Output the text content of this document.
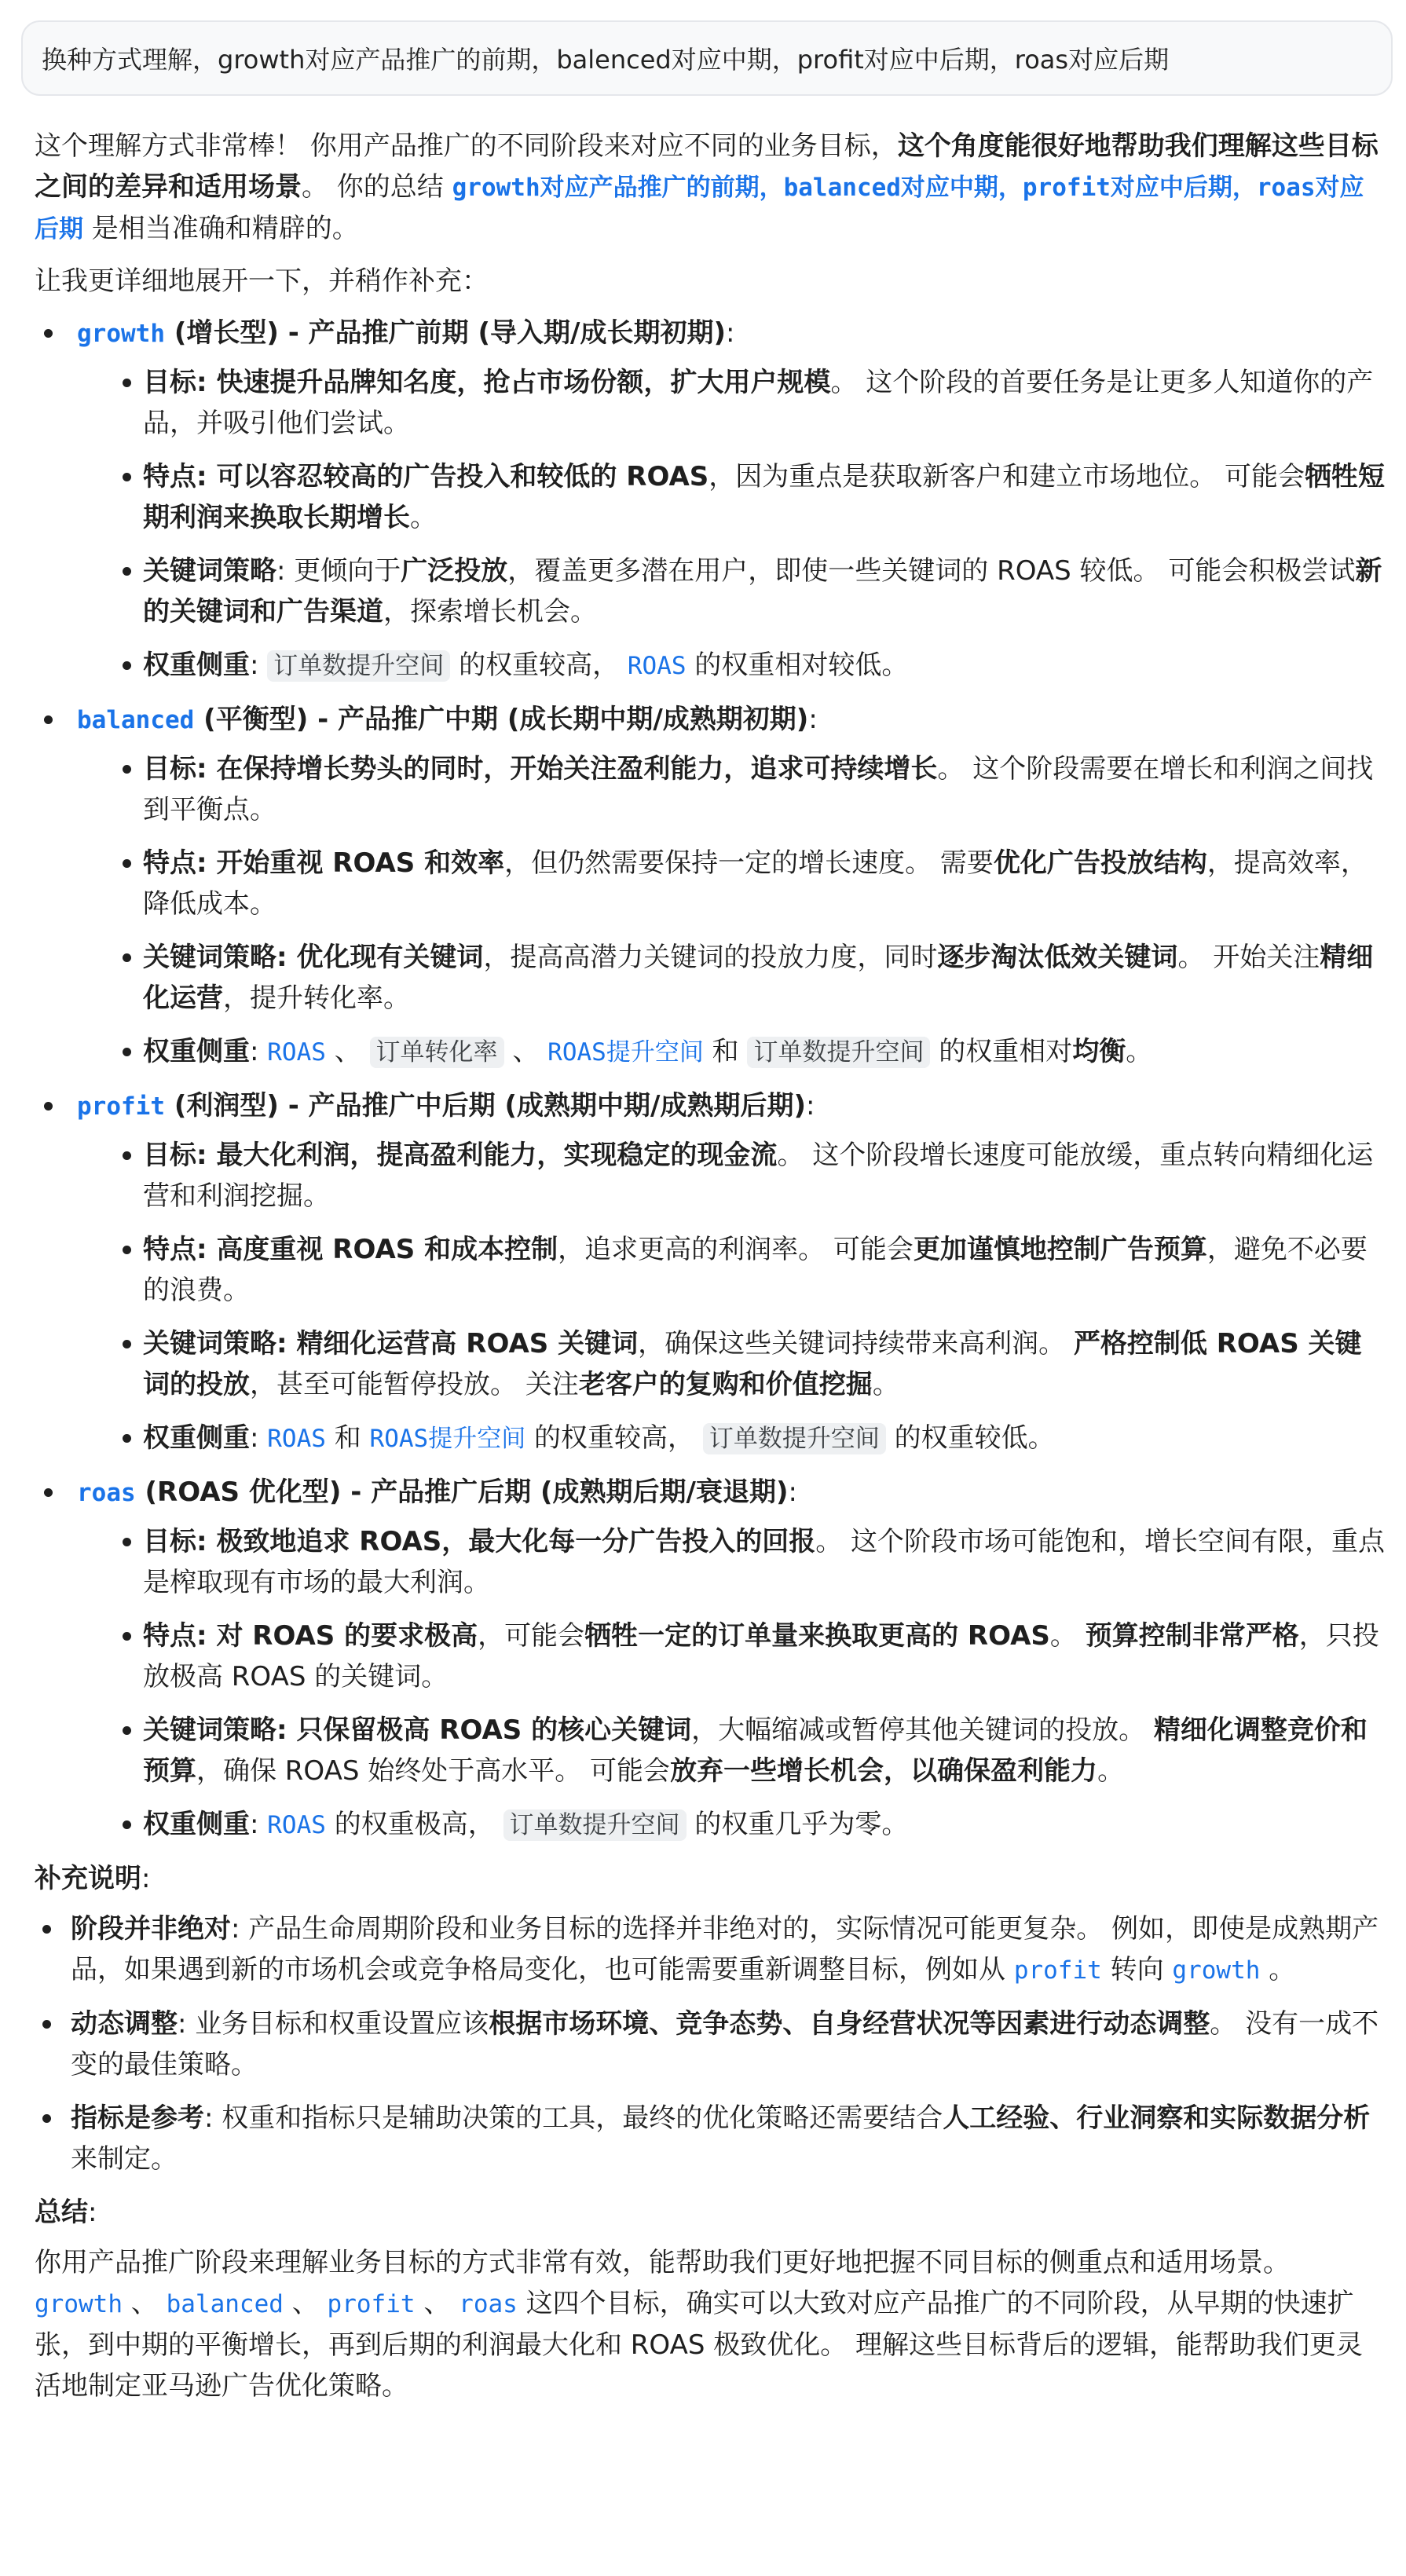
换种方式理解，growth对应产品推广的前期，balenced对应中期，profit对应中后期，roas对应后期

这个理解方式非常棒！ 你用产品推广的不同阶段来对应不同的业务目标，这个角度能很好地帮助我们理解这些目标之间的差异和适用场景。 你的总结 growth对应产品推广的前期，balanced对应中期，profit对应中后期，roas对应后期 是相当准确和精辟的。

让我更详细地展开一下，并稍作补充：

growth (增长型) - 产品推广前期 (导入期/成长期初期):
目标: 快速提升品牌知名度，抢占市场份额，扩大用户规模。 这个阶段的首要任务是让更多人知道你的产品，并吸引他们尝试。
特点: 可以容忍较高的广告投入和较低的 ROAS，因为重点是获取新客户和建立市场地位。 可能会牺牲短期利润来换取长期增长。
关键词策略: 更倾向于广泛投放，覆盖更多潜在用户，即使一些关键词的 ROAS 较低。 可能会积极尝试新的关键词和广告渠道，探索增长机会。
权重侧重: 订单数提升空间 的权重较高， ROAS 的权重相对较低。
balanced (平衡型) - 产品推广中期 (成长期中期/成熟期初期):
目标: 在保持增长势头的同时，开始关注盈利能力，追求可持续增长。 这个阶段需要在增长和利润之间找到平衡点。
特点: 开始重视 ROAS 和效率，但仍然需要保持一定的增长速度。 需要优化广告投放结构，提高效率，降低成本。
关键词策略: 优化现有关键词，提高高潜力关键词的投放力度，同时逐步淘汰低效关键词。 开始关注精细化运营，提升转化率。
权重侧重: ROAS 、 订单转化率 、 ROAS提升空间 和 订单数提升空间 的权重相对均衡。
profit (利润型) - 产品推广中后期 (成熟期中期/成熟期后期):
目标: 最大化利润，提高盈利能力，实现稳定的现金流。 这个阶段增长速度可能放缓，重点转向精细化运营和利润挖掘。
特点: 高度重视 ROAS 和成本控制，追求更高的利润率。 可能会更加谨慎地控制广告预算，避免不必要的浪费。
关键词策略: 精细化运营高 ROAS 关键词，确保这些关键词持续带来高利润。 严格控制低 ROAS 关键词的投放，甚至可能暂停投放。 关注老客户的复购和价值挖掘。
权重侧重: ROAS 和 ROAS提升空间 的权重较高， 订单数提升空间 的权重较低。
roas (ROAS 优化型) - 产品推广后期 (成熟期后期/衰退期):
目标: 极致地追求 ROAS，最大化每一分广告投入的回报。 这个阶段市场可能饱和，增长空间有限，重点是榨取现有市场的最大利润。
特点: 对 ROAS 的要求极高，可能会牺牲一定的订单量来换取更高的 ROAS。 预算控制非常严格，只投放极高 ROAS 的关键词。
关键词策略: 只保留极高 ROAS 的核心关键词，大幅缩减或暂停其他关键词的投放。 精细化调整竞价和预算，确保 ROAS 始终处于高水平。 可能会放弃一些增长机会，以确保盈利能力。
权重侧重: ROAS 的权重极高， 订单数提升空间 的权重几乎为零。

补充说明:

阶段并非绝对: 产品生命周期阶段和业务目标的选择并非绝对的，实际情况可能更复杂。 例如，即使是成熟期产品，如果遇到新的市场机会或竞争格局变化，也可能需要重新调整目标，例如从 profit 转向 growth 。
动态调整: 业务目标和权重设置应该根据市场环境、竞争态势、自身经营状况等因素进行动态调整。 没有一成不变的最佳策略。
指标是参考: 权重和指标只是辅助决策的工具，最终的优化策略还需要结合人工经验、行业洞察和实际数据分析来制定。

总结:

你用产品推广阶段来理解业务目标的方式非常有效，能帮助我们更好地把握不同目标的侧重点和适用场景。 growth 、 balanced 、 profit 、 roas 这四个目标，确实可以大致对应产品推广的不同阶段，从早期的快速扩张，到中期的平衡增长，再到后期的利润最大化和 ROAS 极致优化。 理解这些目标背后的逻辑，能帮助我们更灵活地制定亚马逊广告优化策略。
